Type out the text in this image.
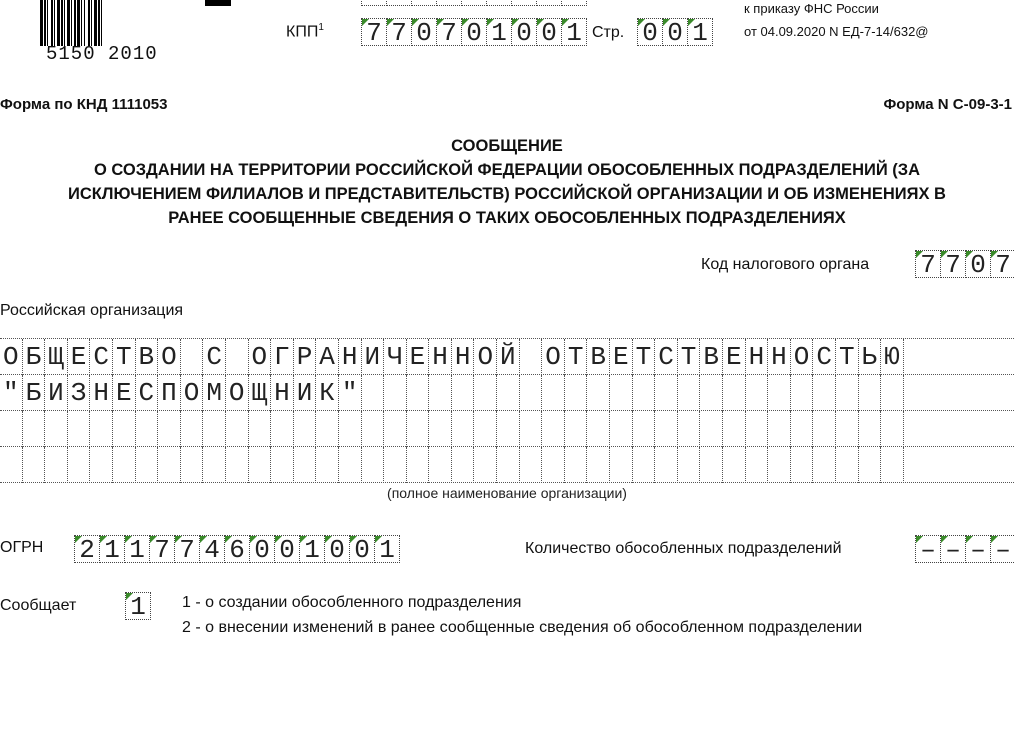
5150 2010
КПП$^1$ 7 7 0 7 0 1 0 0 1 Стр. 0 0 1
к приказу ФНС России
от 04.09.2020 N ЕД-7-14/632@
Форма по КНД 1111053	Форма N С-09-3-1
СООБЩЕНИЕ
О СОЗДАНИИ НА ТЕРРИТОРИИ РОССИЙСКОЙ ФЕДЕРАЦИИ ОБОСОБЛЕННЫХ ПОДРАЗДЕЛЕНИЙ (ЗА
ИСКЛЮЧЕНИЕМ ФИЛИАЛОВ И ПРЕДСТАВИТЕЛЬСТВ) РОССИЙСКОЙ ОРГАНИЗАЦИИ И ОБ ИЗМЕНЕНИЯХ В
РАНЕЕ СООБЩЕННЫЕ СВЕДЕНИЯ О ТАКИХ ОБОСОБЛЕННЫХ ПОДРАЗДЕЛЕНИЯХ
Код налогового органа 7 7 0 7
Российская организация
О Б Щ Е С Т В О С О Г Р А Н И Ч Е Н Н О Й О Т В Е Т С Т В Е Н Н О С Т Ь Ю
" Б И З Н Е С П О М О Щ Н И К "
(полное наименование организации)
ОГРН 2 1 1 7 7 4 6 0 0 1 0 0 1	Количество обособленных подразделений	– – – –
Сообщает 1	1 - о создании обособленного подразделения
2 - о внесении изменений в ранее сообщенные сведения об обособленном подразделении
